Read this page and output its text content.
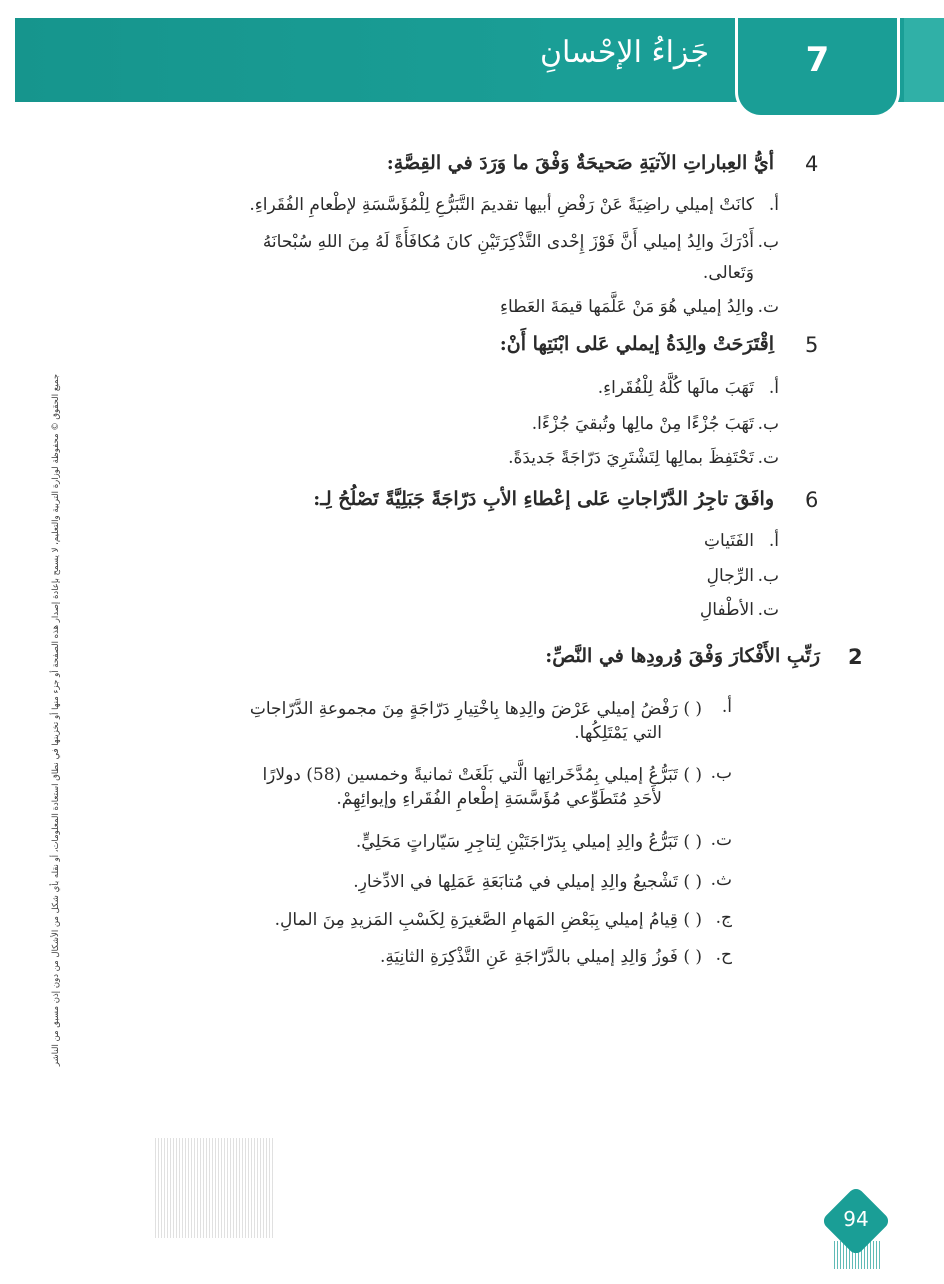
جَزاءُ الإحْسانِ	7
جميع الحقوق © محفوظة لوزارة التربية والتعليم، لا يسمح بإعادة إصدار هذه الصفحة أو جزء منها أو تخزينها في نطاق استعادة المعلومات، أو نقله بأي شكل من الأشكال من دون إذن مسبق من الناشر
4
أيُّ العِباراتِ الآتيَةِ صَحيحَةٌ وَفْقَ ما وَرَدَ في القِصَّةِ:
أ.
كانَتْ إميلي راضِيَةً عَنْ رَفْضِ أبيها تقديمَ التَّبَرُّعِ لِلْمُؤَسَّسَةِ لإطْعامِ الفُقَراءِ.
ب.
أَدْرَكَ والِدُ إميلي أَنَّ فَوْزَ إِحْدى التَّذْكِرَتَيْنِ كانَ مُكافَأَةً لَهُ مِنَ اللهِ سُبْحانَهُ
وَتَعالى.
ت.
والِدُ إميلي هُوَ مَنْ عَلَّمَها قيمَةَ العَطاءِ
5
اِقْتَرَحَتْ والِدَةُ إيملي عَلى ابْنَتِها أَنْ:
أ.
تَهَبَ مالَها كُلَّهُ لِلْفُقَراءِ.
ب.
تَهَبَ جُزْءًا مِنْ مالِها وتُبقيَ جُزْءًا.
ت.
تَحْتَفِظَ بمالِها لِتَشْتَرِيَ دَرّاجَةً جَديدَةً.
6
وافَقَ تاجِرُ الدَّرّاجاتِ عَلى إعْطاءِ الأبِ دَرّاجَةً جَبَلِيَّةً تَصْلُحُ لِـ:
أ.
الفَتَياتِ
ب.
الرِّجالِ
ت.
الأطْفالِ
2
رَتِّبِ الأَفْكارَ وَفْقَ وُرودِها في النَّصِّ:
أ.
( ) رَفْضُ إميلي عَرْضَ والِدِها بِاخْتِيارِ دَرّاجَةٍ مِنَ مجموعةِ الدَّرّاجاتِ
التي يَمْتَلِكُها.
ب.
( ) تَبَرُّعُ إميلي بِمُدَّخَراتِها الَّتي بَلَغَتْ ثمانيةً وخمسين (58) دولارًا
لأَحَدِ مُتَطَوِّعي مُؤَسَّسَةِ إطْعامِ الفُقَراءِ وإيوائِهِمْ.
ت.
( ) تَبَرُّعُ والِدِ إميلي بِدَرّاجَتَيْنِ لِتاجِرِ سَيّاراتٍ مَحَلِيٍّ.
ث.
( ) تَشْجيعُ والِدِ إميلي في مُتابَعَةِ عَمَلِها في الادِّخارِ.
ج.
( ) قِيامُ إميلي بِبَعْضِ المَهامِ الصَّغيرَةِ لِكَسْبِ المَزيدِ مِنَ المالِ.
ح.
( ) فَوزُ وَالِدِ إميلي بالدَّرّاجَةِ عَنِ التَّذْكِرَةِ الثانِيَةِ.
94
